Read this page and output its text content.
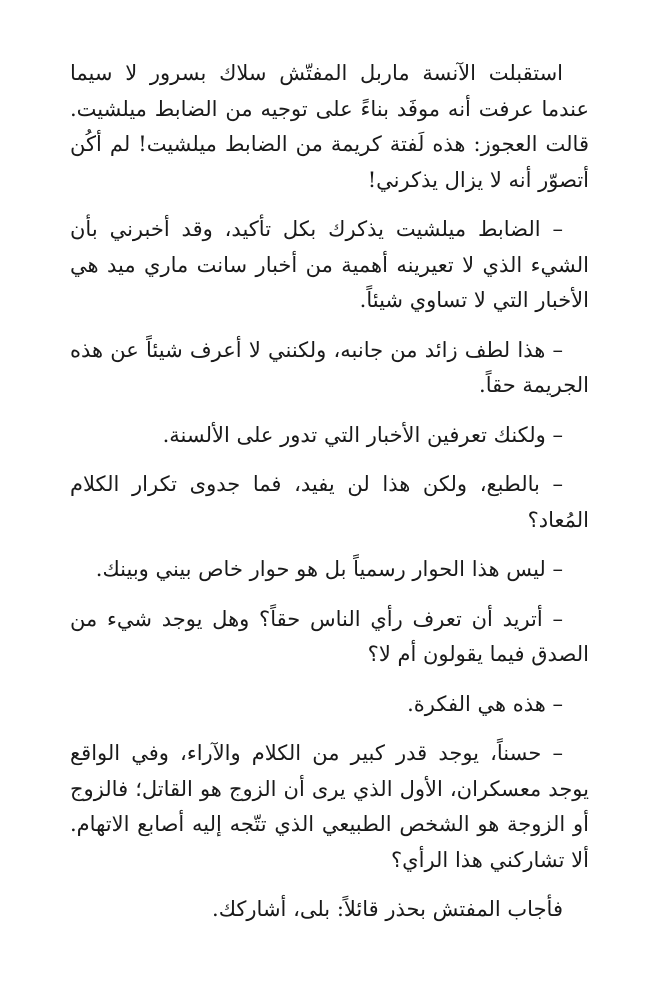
استقبلت الآنسة ماربل المفتّش سلاك بسرور لا سيما عندما عرفت أنه موفَد بناءً على توجيه من الضابط ميلشيت. قالت العجوز: هذه لَفتة كريمة من الضابط ميلشيت! لم أكُن أتصوّر أنه لا يزال يذكرني!

– الضابط ميلشيت يذكرك بكل تأكيد، وقد أخبرني بأن الشيء الذي لا تعيرينه أهمية من أخبار سانت ماري ميد هي الأخبار التي لا تساوي شيئاً.

– هذا لطف زائد من جانبه، ولكنني لا أعرف شيئاً عن هذه الجريمة حقاً.

– ولكنك تعرفين الأخبار التي تدور على الألسنة.

– بالطبع، ولكن هذا لن يفيد، فما جدوى تكرار الكلام المُعاد؟

– ليس هذا الحوار رسمياً بل هو حوار خاص بيني وبينك.

– أتريد أن تعرف رأي الناس حقاً؟ وهل يوجد شيء من الصدق فيما يقولون أم لا؟

– هذه هي الفكرة.

– حسناً، يوجد قدر كبير من الكلام والآراء، وفي الواقع يوجد معسكران، الأول الذي يرى أن الزوج هو القاتل؛ فالزوج أو الزوجة هو الشخص الطبيعي الذي تتّجه إليه أصابع الاتهام. ألا تشاركني هذا الرأي؟

فأجاب المفتش بحذر قائلاً: بلى، أشاركك.
